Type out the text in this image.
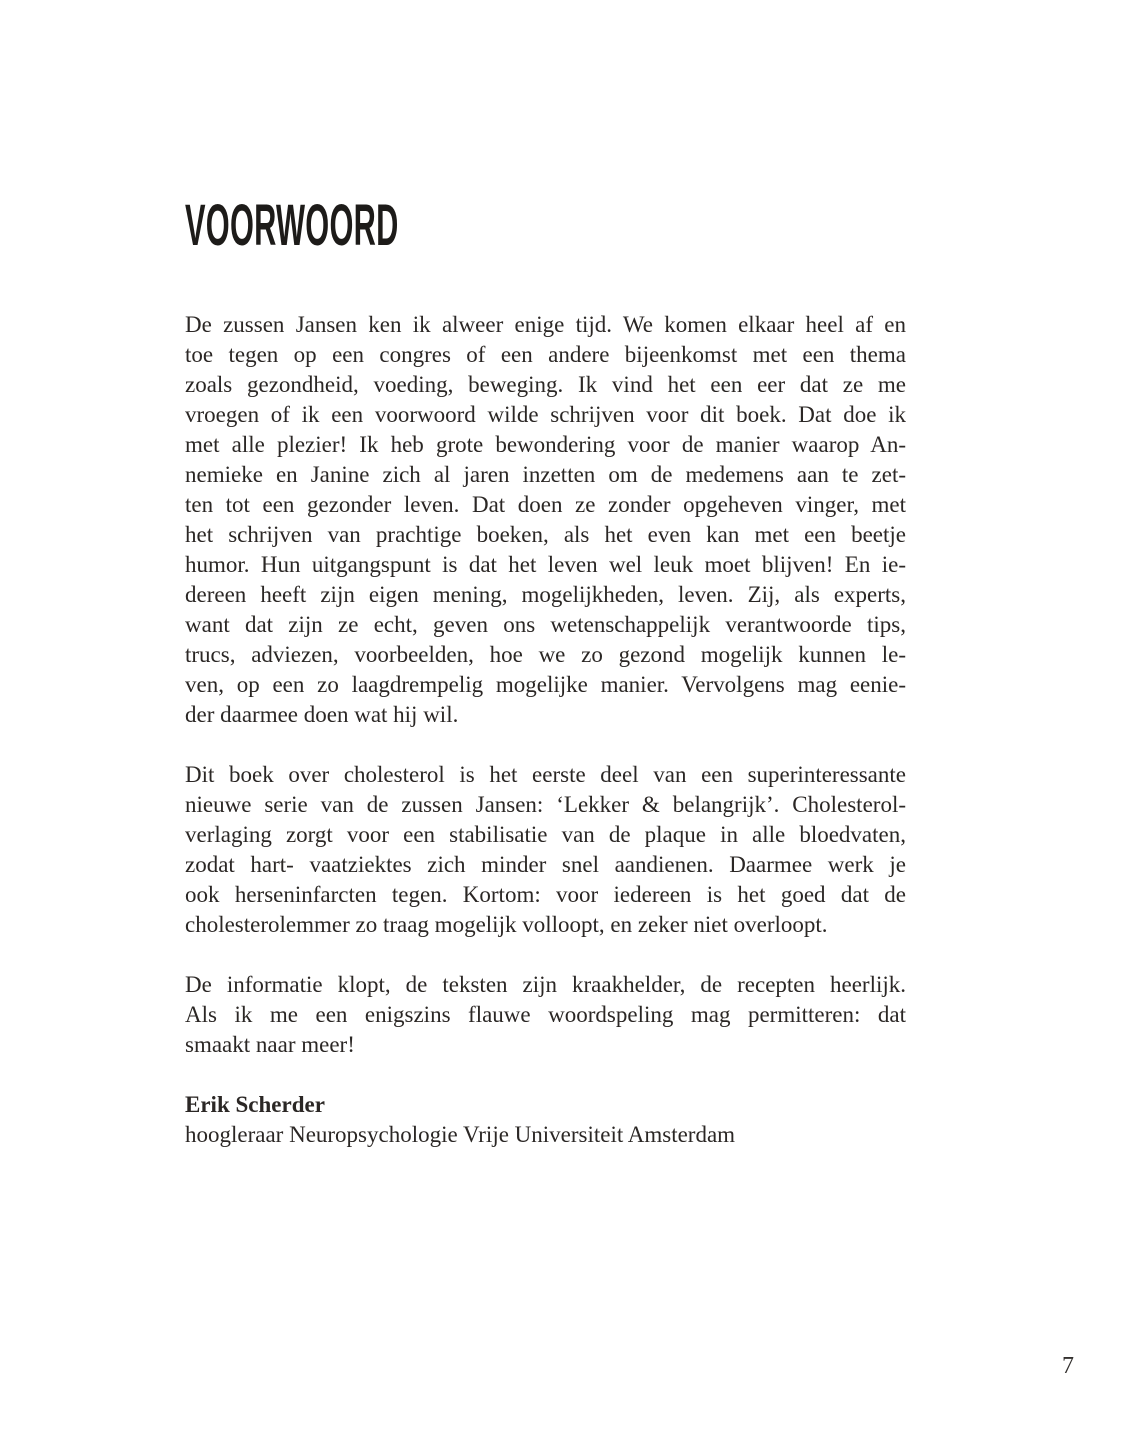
VOORWOORD
De zussen Jansen ken ik alweer enige tijd. We komen elkaar heel af en
toe tegen op een congres of een andere bijeenkomst met een thema
zoals gezondheid, voeding, beweging. Ik vind het een eer dat ze me
vroegen of ik een voorwoord wilde schrijven voor dit boek. Dat doe ik
met alle plezier! Ik heb grote bewondering voor de manier waarop An-
nemieke en Janine zich al jaren inzetten om de medemens aan te zet-
ten tot een gezonder leven. Dat doen ze zonder opgeheven vinger, met
het schrijven van prachtige boeken, als het even kan met een beetje
humor. Hun uitgangspunt is dat het leven wel leuk moet blijven! En ie-
dereen heeft zijn eigen mening, mogelijkheden, leven. Zij, als experts,
want dat zijn ze echt, geven ons wetenschappelijk verantwoorde tips,
trucs, adviezen, voorbeelden, hoe we zo gezond mogelijk kunnen le-
ven, op een zo laagdrempelig mogelijke manier. Vervolgens mag eenie-
der daarmee doen wat hij wil.
Dit boek over cholesterol is het eerste deel van een superinteressante
nieuwe serie van de zussen Jansen: ‘Lekker & belangrijk’. Cholesterol-
verlaging zorgt voor een stabilisatie van de plaque in alle bloedvaten,
zodat hart- vaatziektes zich minder snel aandienen. Daarmee werk je
ook herseninfarcten tegen. Kortom: voor iedereen is het goed dat de
cholesterolemmer zo traag mogelijk volloopt, en zeker niet overloopt.
De informatie klopt, de teksten zijn kraakhelder, de recepten heerlijk.
Als ik me een enigszins flauwe woordspeling mag permitteren: dat
smaakt naar meer!
Erik Scherder
hoogleraar Neuropsychologie Vrije Universiteit Amsterdam
7
